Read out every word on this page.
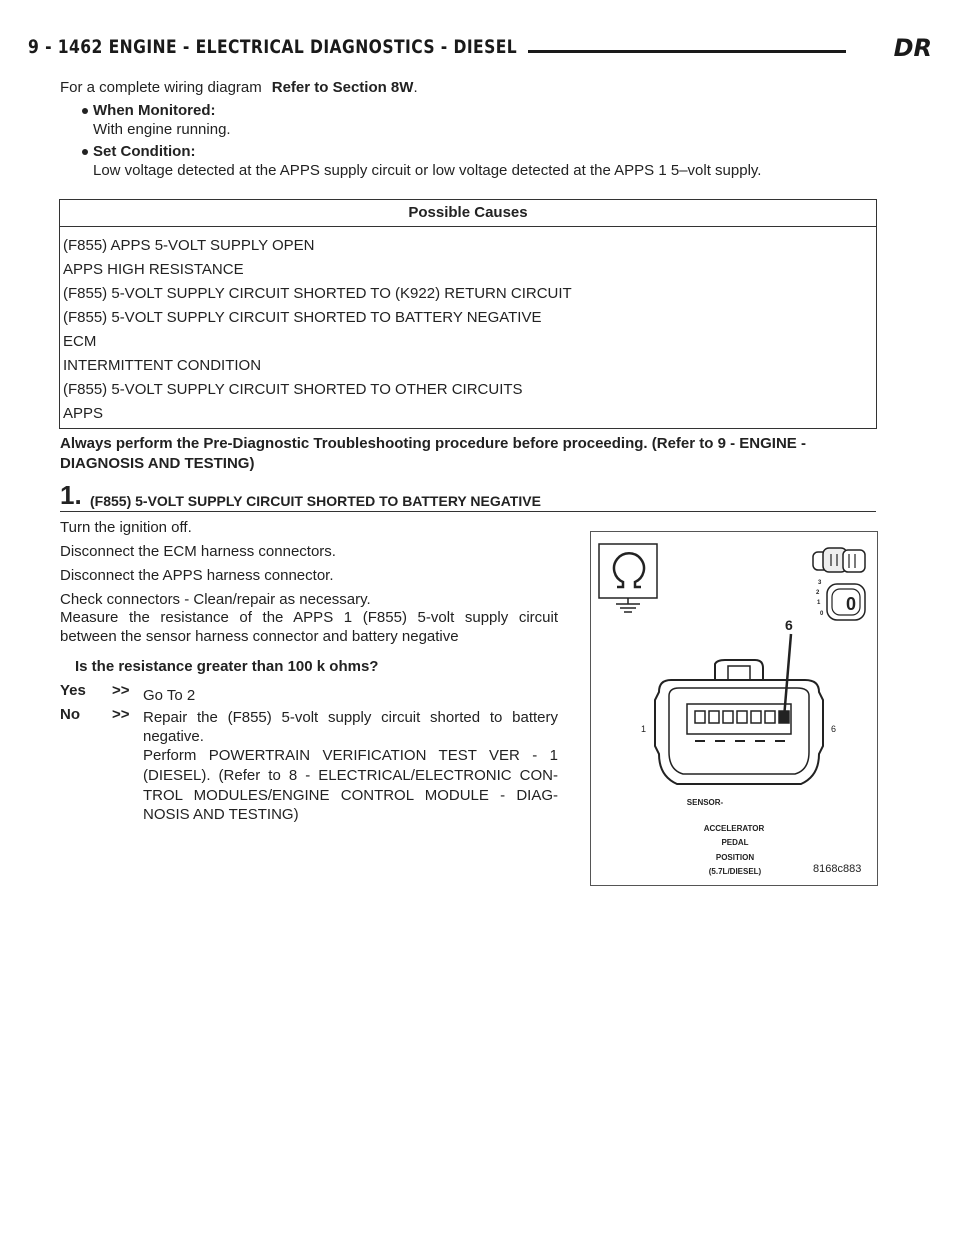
9 - 1462 ENGINE - ELECTRICAL DIAGNOSTICS - DIESEL	DR
For a complete wiring diagram Refer to Section 8W.
When Monitored:
With engine running.
Set Condition:
Low voltage detected at the APPS supply circuit or low voltage detected at the APPS 1 5–volt supply.
Possible Causes
(F855) APPS 5-VOLT SUPPLY OPEN
APPS HIGH RESISTANCE
(F855) 5-VOLT SUPPLY CIRCUIT SHORTED TO (K922) RETURN CIRCUIT
(F855) 5-VOLT SUPPLY CIRCUIT SHORTED TO BATTERY NEGATIVE
ECM
INTERMITTENT CONDITION
(F855) 5-VOLT SUPPLY CIRCUIT SHORTED TO OTHER CIRCUITS
APPS
Always perform the Pre-Diagnostic Troubleshooting procedure before proceeding. (Refer to 9 - ENGINE -
DIAGNOSIS AND TESTING)
1. (F855) 5-VOLT SUPPLY CIRCUIT SHORTED TO BATTERY NEGATIVE
Turn the ignition off.
Disconnect the ECM harness connectors.
Disconnect the APPS harness connector.
Check connectors - Clean/repair as necessary.
Measure the resistance of the APPS 1 (F855) 5-volt supply circuit
between the sensor harness connector and battery negative
Is the resistance greater than 100 k ohms?
Yes >> Go To 2
No >> Repair the (F855) 5-volt supply circuit shorted to battery
negative.
Perform POWERTRAIN VERIFICATION TEST VER - 1
(DIESEL). (Refer to 8 - ELECTRICAL/ELECTRONIC CON-
TROL MODULES/ENGINE CONTROL MODULE - DIAG-
NOSIS AND TESTING)
0
3
2
1
0
6
1	6
SENSOR-
ACCELERATOR
PEDAL
POSITION
(5.7L/DIESEL)	8168c883
